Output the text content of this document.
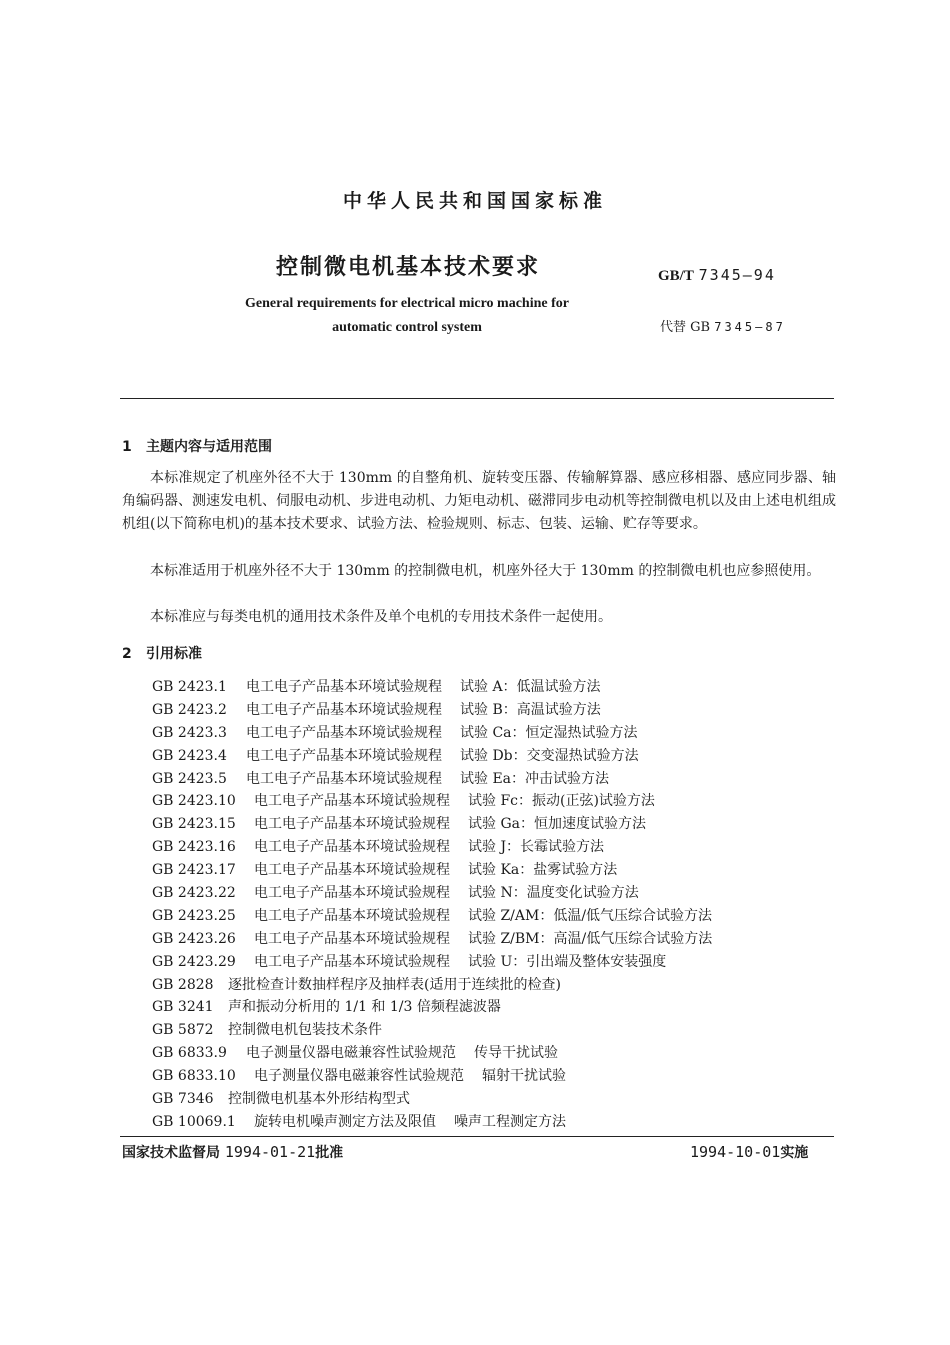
中华人民共和国国家标准
控制微电机基本技术要求	GB/T 7345—94
General requirements for electrical micro machine for automatic control system	代替 GB 7345—87
1 主题内容与适用范围
本标准规定了机座外径不大于 130mm 的自整角机、旋转变压器、传输解算器、感应移相器、感应同步器、轴角编码器、测速发电机、伺服电动机、步进电动机、力矩电动机、磁滞同步电动机等控制微电机以及由上述电机组成机组(以下简称电机)的基本技术要求、试验方法、检验规则、标志、包装、运输、贮存等要求。
本标准适用于机座外径不大于 130mm 的控制微电机，机座外径大于 130mm 的控制微电机也应参照使用。
本标准应与每类电机的通用技术条件及单个电机的专用技术条件一起使用。
2 引用标准
GB 2423.1 电工电子产品基本环境试验规程 试验 A：低温试验方法
GB 2423.2 电工电子产品基本环境试验规程 试验 B：高温试验方法
GB 2423.3 电工电子产品基本环境试验规程 试验 Ca：恒定湿热试验方法
GB 2423.4 电工电子产品基本环境试验规程 试验 Db：交变湿热试验方法
GB 2423.5 电工电子产品基本环境试验规程 试验 Ea：冲击试验方法
GB 2423.10 电工电子产品基本环境试验规程 试验 Fc：振动(正弦)试验方法
GB 2423.15 电工电子产品基本环境试验规程 试验 Ga：恒加速度试验方法
GB 2423.16 电工电子产品基本环境试验规程 试验 J：长霉试验方法
GB 2423.17 电工电子产品基本环境试验规程 试验 Ka：盐雾试验方法
GB 2423.22 电工电子产品基本环境试验规程 试验 N：温度变化试验方法
GB 2423.25 电工电子产品基本环境试验规程 试验 Z/AM：低温/低气压综合试验方法
GB 2423.26 电工电子产品基本环境试验规程 试验 Z/BM：高温/低气压综合试验方法
GB 2423.29 电工电子产品基本环境试验规程 试验 U：引出端及整体安装强度
GB 2828 逐批检查计数抽样程序及抽样表(适用于连续批的检查)
GB 3241 声和振动分析用的 1/1 和 1/3 倍频程滤波器
GB 5872 控制微电机包装技术条件
GB 6833.9 电子测量仪器电磁兼容性试验规范 传导干扰试验
GB 6833.10 电子测量仪器电磁兼容性试验规范 辐射干扰试验
GB 7346 控制微电机基本外形结构型式
GB 10069.1 旋转电机噪声测定方法及限值 噪声工程测定方法
国家技术监督局 1994-01-21批准	1994-10-01实施
